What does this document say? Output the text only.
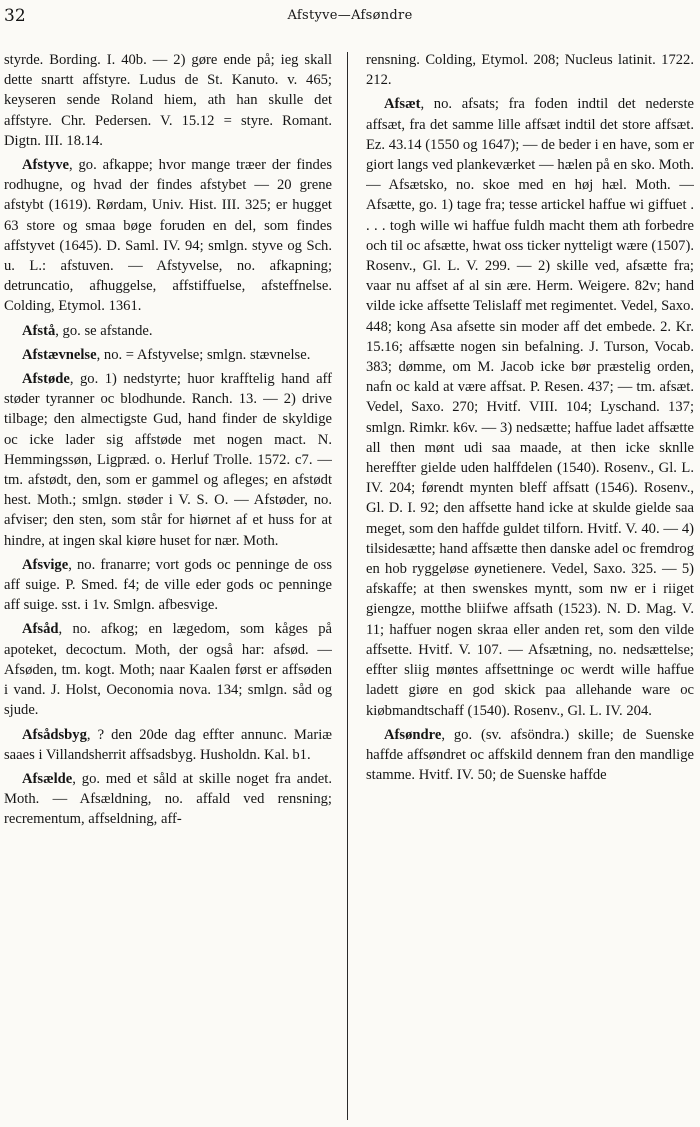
32	Afstyve—Afsøndre

styrde. Bording. I. 40b. — 2) gøre ende på; ieg skall dette snartt affstyre. Ludus de St. Kanuto. v. 465; keyseren sende Roland hiem, ath han skulle det affstyre. Chr. Pedersen. V. 15.12 = styre. Romant. Digtn. III. 18.14.

Afstyve, go. afkappe; hvor mange træer der findes rodhugne, og hvad der findes afstybet — 20 grene afstybt (1619). Rørdam, Univ. Hist. III. 325; er hugget 63 store og smaa bøge foruden en del, som findes affstyvet (1645). D. Saml. IV. 94; smlgn. styve og Sch. u. L.: afstuven. — Afstyvelse, no. afkapning; detruncatio, afhuggelse, affstiffuelse, afsteffnelse. Colding, Etymol. 1361.

Afstå, go. se afstande.

Afstævnelse, no. = Afstyvelse; smlgn. stævnelse.

Afstøde, go. 1) nedstyrte; huor krafftelig hand aff støder tyranner oc blodhunde. Ranch. 13. — 2) drive tilbage; den almectigste Gud, hand finder de skyldige oc icke lader sig affstøde met nogen mact. N. Hemmingssøn, Ligpræd. o. Herluf Trolle. 1572. c7. — tm. afstødt, den, som er gammel og afleges; en afstødt hest. Moth.; smlgn. støder i V. S. O. — Afstøder, no. afviser; den sten, som står for hiørnet af et huss for at hindre, at ingen skal kiøre huset for nær. Moth.

Afsvige, no. franarre; vort gods oc penninge de oss aff suige. P. Smed. f4; de ville eder gods oc penninge aff suige. sst. i 1v. Smlgn. afbesvige.

Afsåd, no. afkog; en lægedom, som kåges på apoteket, decoctum. Moth, der også har: afsød. — Afsøden, tm. kogt. Moth; naar Kaalen først er affsøden i vand. J. Holst, Oeconomia nova. 134; smlgn. såd og sjude.

Afsådsbyg, ? den 20de dag effter annunc. Mariæ saaes i Villandsherrit affsadsbyg. Husholdn. Kal. b1.

Afsælde, go. med et såld at skille noget fra andet. Moth. — Afsældning, no. affald ved rensning; recrementum, affseldning, aff-

rensning. Colding, Etymol. 208; Nucleus latinit. 1722. 212.

Afsæt, no. afsats; fra foden indtil det nederste affsæt, fra det samme lille affsæt indtil det store affsæt. Ez. 43.14 (1550 og 1647); — de beder i en have, som er giort langs ved plankeværket — hælen på en sko. Moth. — Afsætsko, no. skoe med en høj hæl. Moth. — Afsætte, go. 1) tage fra; tesse artickel haffue wi giffuet . . . . togh wille wi haffue fuldh macht them ath forbedre och til oc afsætte, hwat oss ticker nytteligt wære (1507). Rosenv., Gl. L. V. 299. — 2) skille ved, afsætte fra; vaar nu affset af al sin ære. Herm. Weigere. 82v; hand vilde icke affsette Telislaff met regimentet. Vedel, Saxo. 448; kong Asa afsette sin moder aff det embede. 2. Kr. 15.16; affsætte nogen sin befalning. J. Turson, Vocab. 383; dømme, om M. Jacob icke bør præstelig orden, nafn oc kald at være affsat. P. Resen. 437; — tm. afsæt. Vedel, Saxo. 270; Hvitf. VIII. 104; Lyschand. 137; smlgn. Rimkr. k6v. — 3) nedsætte; haffue ladet affsætte all then mønt udi saa maade, at then icke sknlle hereffter gielde uden halffdelen (1540). Rosenv., Gl. L. IV. 204; førendt mynten bleff affsatt (1546). Rosenv., Gl. D. I. 92; den affsette hand icke at skulde gielde saa meget, som den haffde guldet tilforn. Hvitf. V. 40. — 4) tilsidesætte; hand affsætte then danske adel oc fremdrog en hob ryggeløse øynetienere. Vedel, Saxo. 325. — 5) afskaffe; at then swenskes myntt, som nw er i riiget giengze, motthe bliifwe affsath (1523). N. D. Mag. V. 11; haffuer nogen skraa eller anden ret, som den vilde affsette. Hvitf. V. 107. — Afsætning, no. nedsættelse; effter sliig møntes affsettninge oc werdt wille haffue ladett giøre en god skick paa allehande ware oc kiøbmandtschaff (1540). Rosenv., Gl. L. IV. 204.

Afsøndre, go. (sv. afsöndra.) skille; de Suenske haffde affsøndret oc affskild dennem fran den mandlige stamme. Hvitf. IV. 50; de Suenske haffde
